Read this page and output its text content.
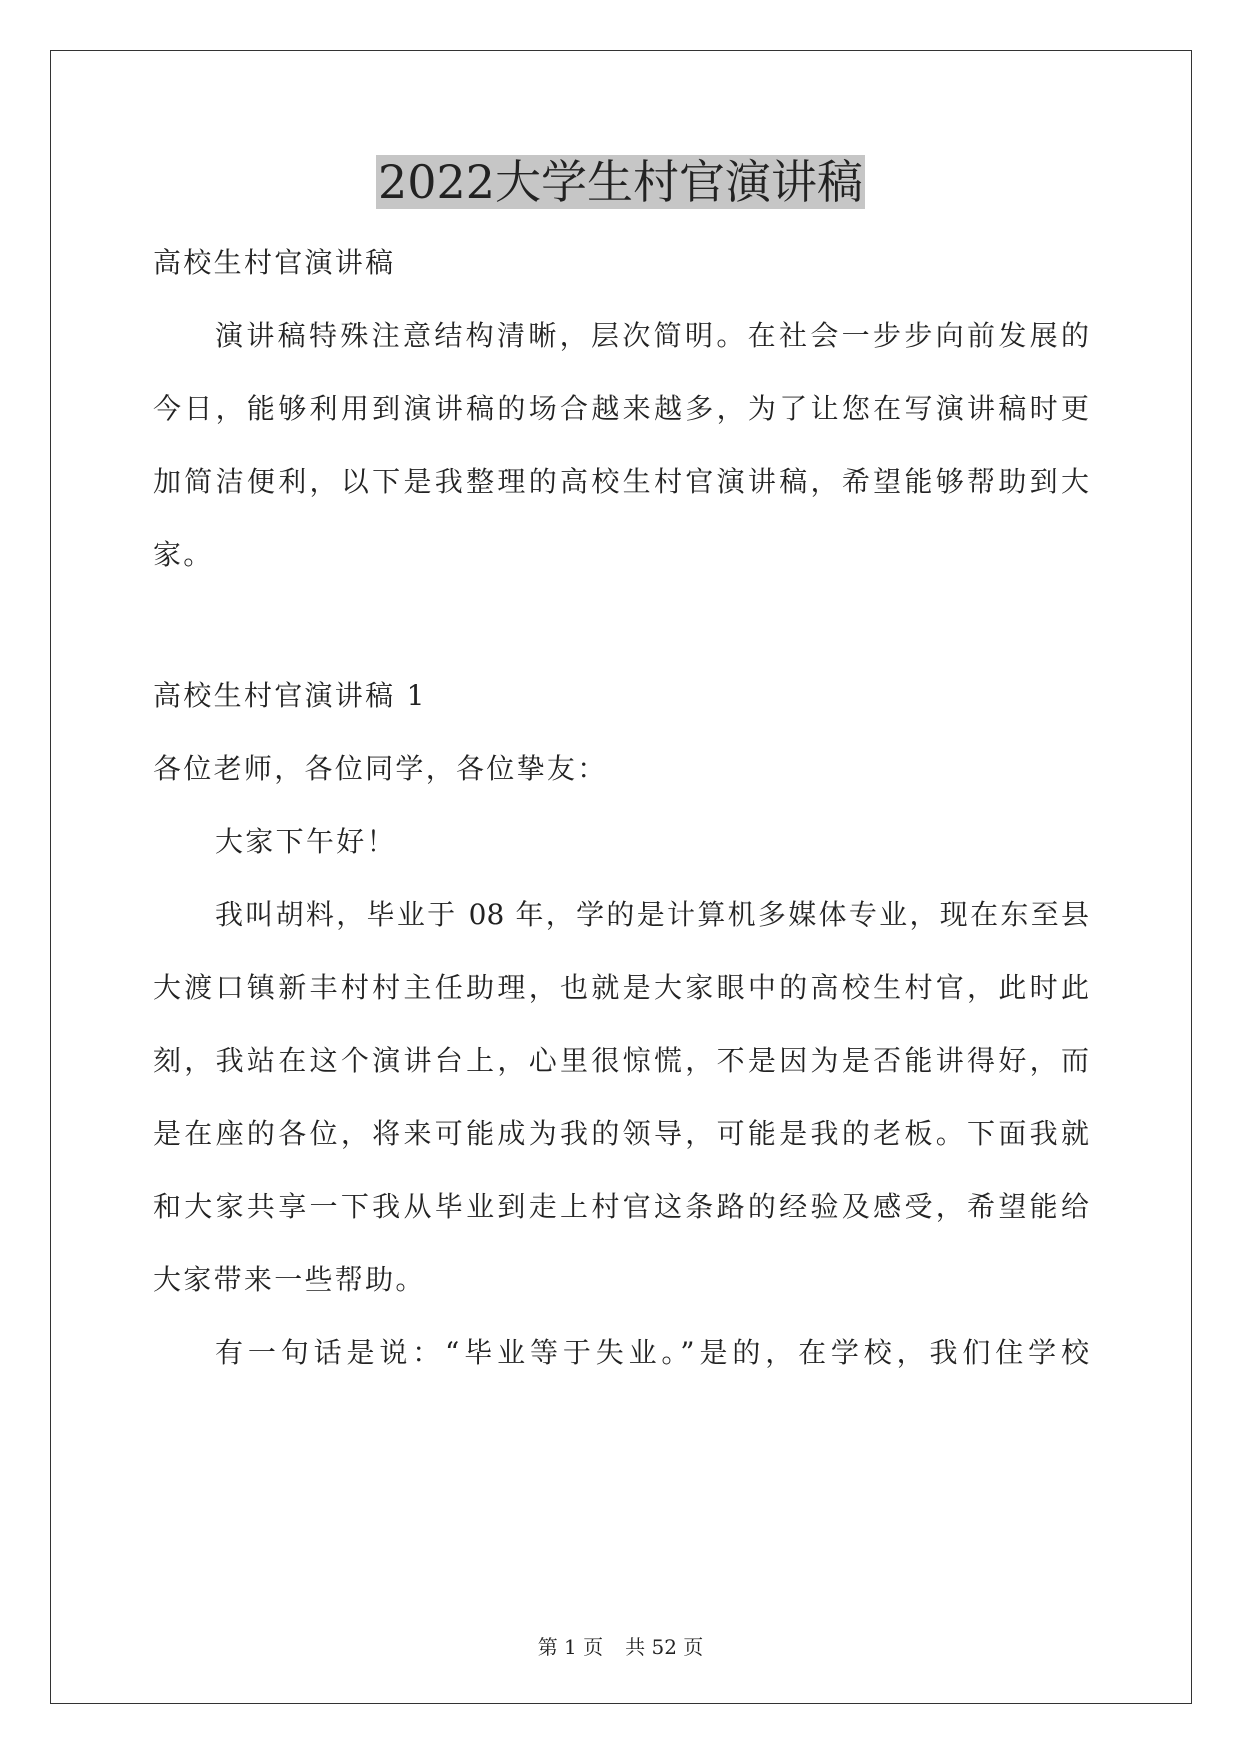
2022大学生村官演讲稿
高校生村官演讲稿
演讲稿特殊注意结构清晰，层次简明。在社会一步步向前发展的
今日，能够利用到演讲稿的场合越来越多，为了让您在写演讲稿时更
加简洁便利，以下是我整理的高校生村官演讲稿，希望能够帮助到大
家。
高校生村官演讲稿 1
各位老师，各位同学，各位挚友：
大家下午好！
我叫胡料，毕业于 08 年，学的是计算机多媒体专业，现在东至县
大渡口镇新丰村村主任助理，也就是大家眼中的高校生村官，此时此
刻，我站在这个演讲台上，心里很惊慌，不是因为是否能讲得好，而
是在座的各位，将来可能成为我的领导，可能是我的老板。下面我就
和大家共享一下我从毕业到走上村官这条路的经验及感受，希望能给
大家带来一些帮助。
有一句话是说：“毕业等于失业。”是的，在学校，我们住学校
第 1 页 共 52 页
